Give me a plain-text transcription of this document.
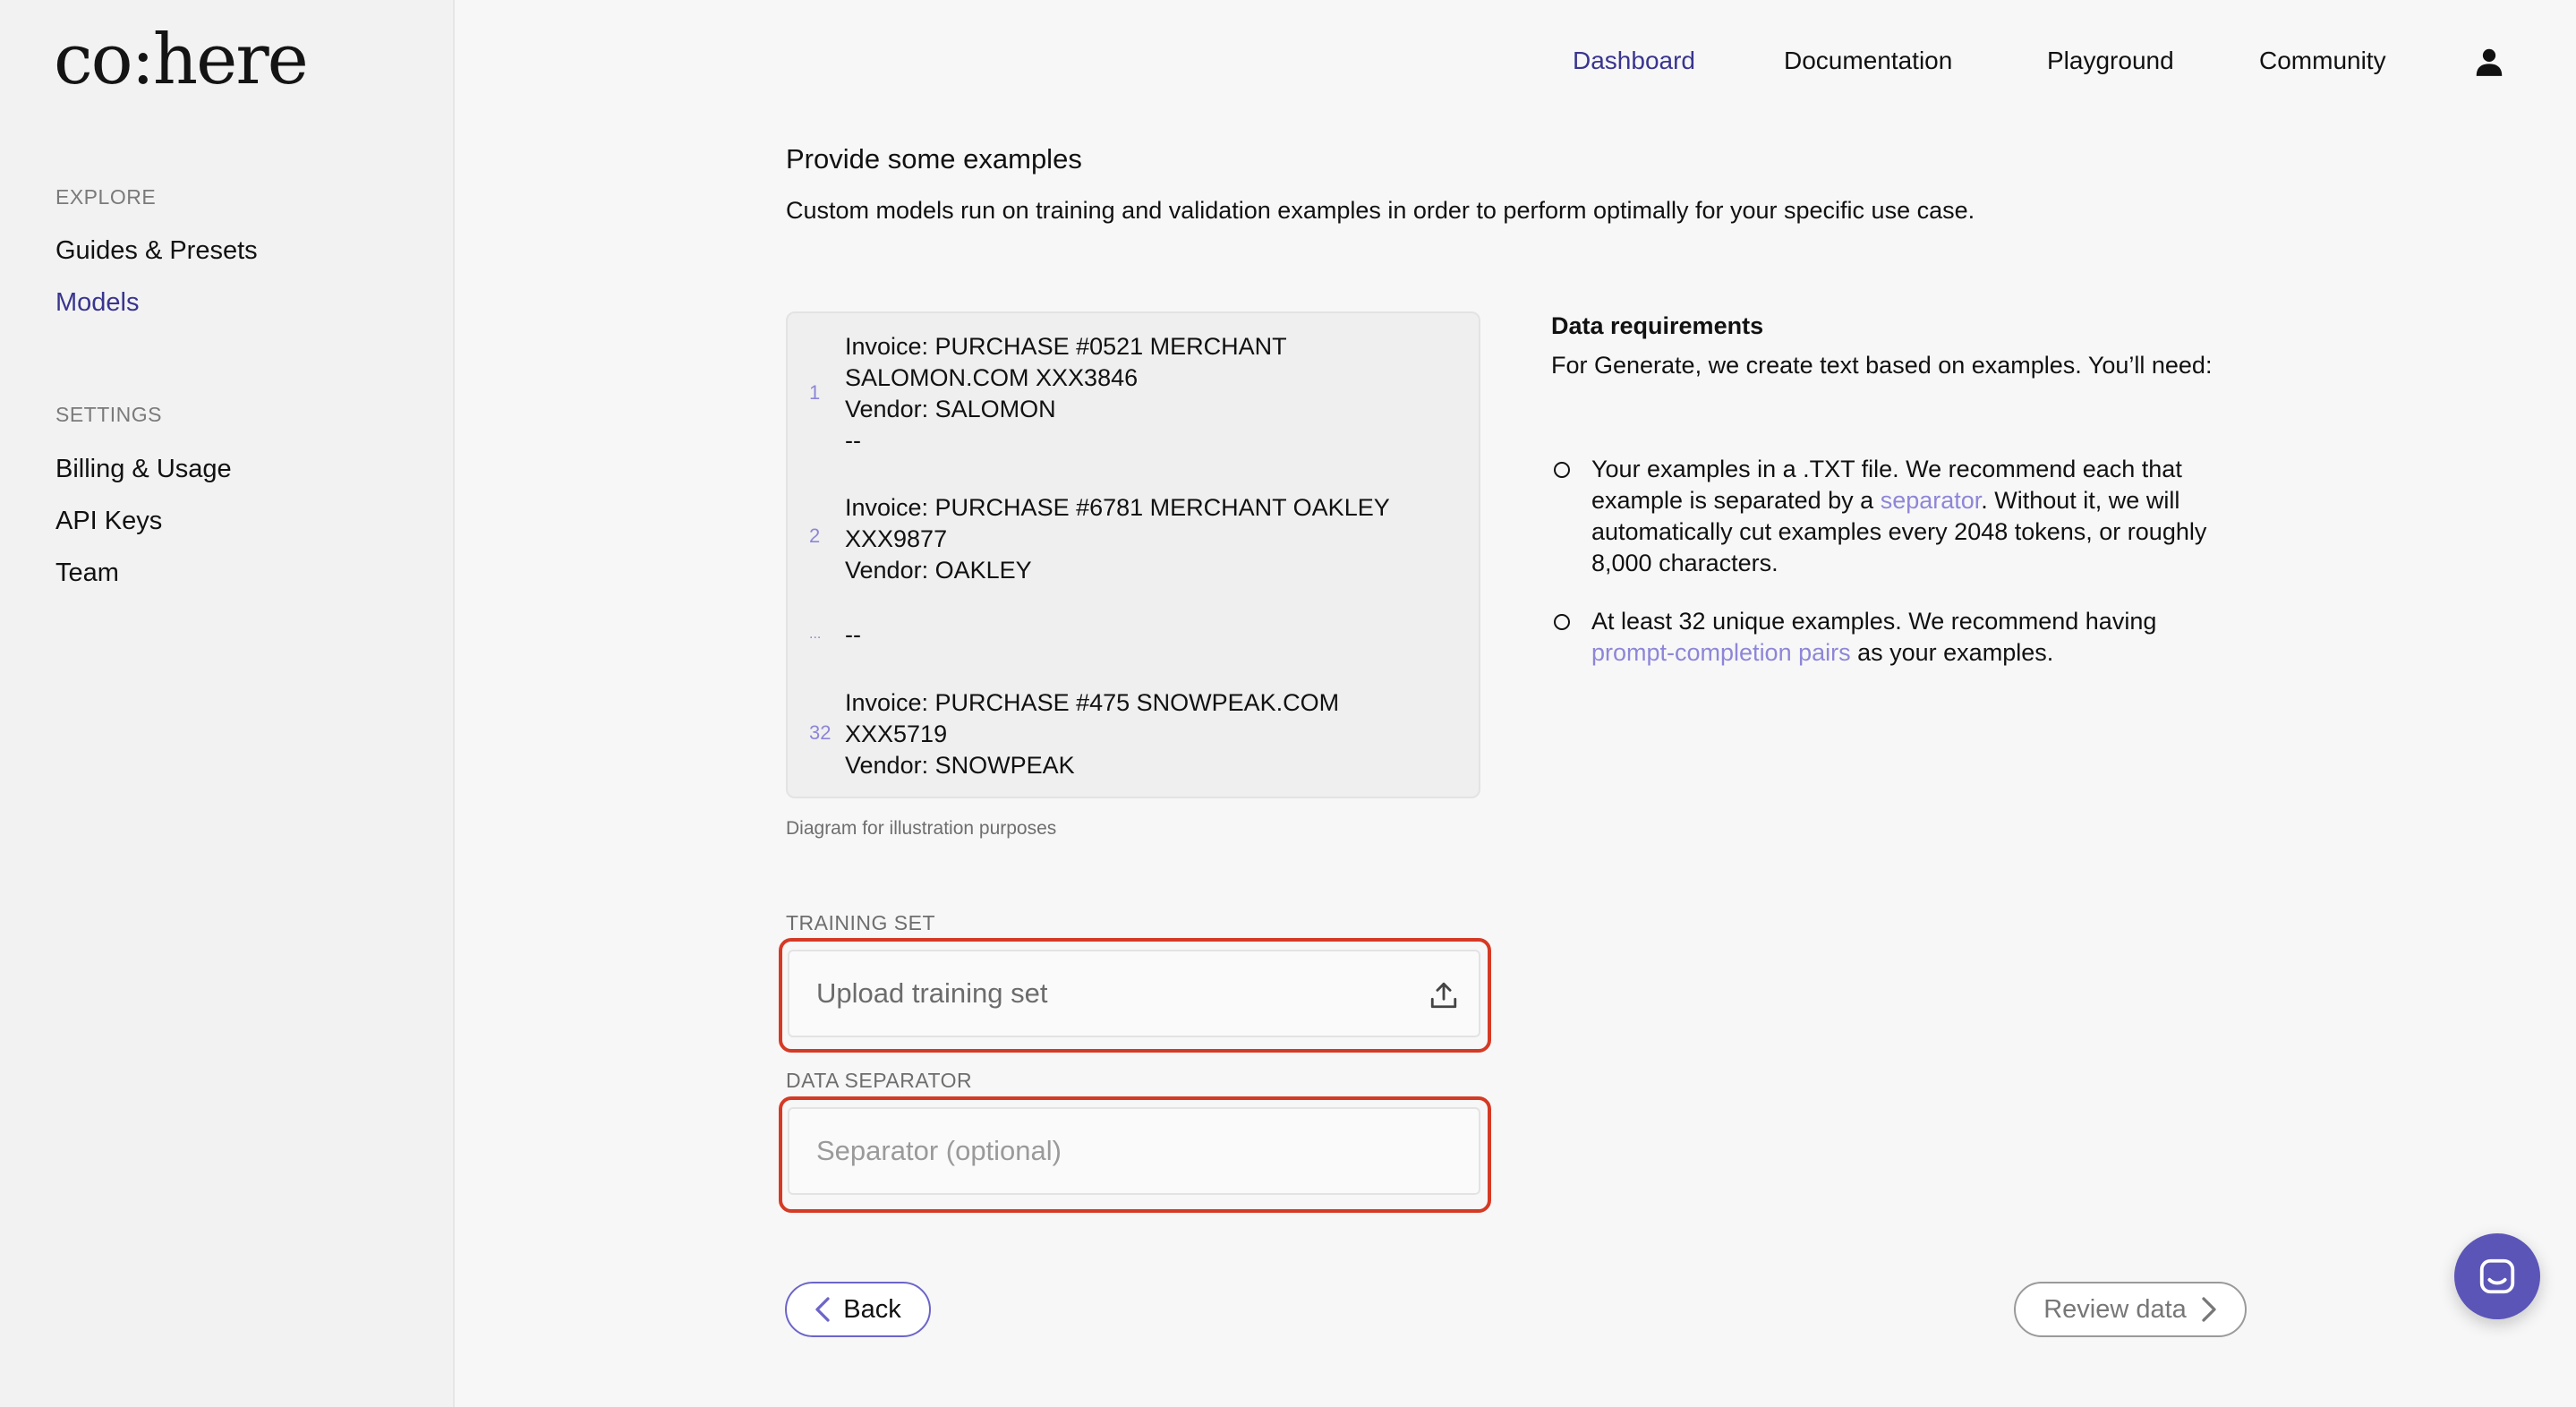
co:here
EXPLORE
Guides & Presets
Models
SETTINGS
Billing & Usage
API Keys
Team
Dashboard	Documentation	Playground	Community
Provide some examples
Custom models run on training and validation examples in order to perform optimally for your specific use case.
1
Invoice: PURCHASE #0521 MERCHANT
SALOMON.COM XXX3846
Vendor: SALOMON
--
2
Invoice: PURCHASE #6781 MERCHANT OAKLEY
XXX9877
Vendor: OAKLEY
... --
32
Invoice: PURCHASE #475 SNOWPEAK.COM
XXX5719
Vendor: SNOWPEAK
Diagram for illustration purposes
Data requirements
For Generate, we create text based on examples. You’ll need:
Your examples in a .TXT file. We recommend each that example is separated by a separator. Without it, we will automatically cut examples every 2048 tokens, or roughly 8,000 characters.
At least 32 unique examples. We recommend having prompt-completion pairs as your examples.
TRAINING SET
Upload training set
DATA SEPARATOR
Separator (optional)
Back	Review data
